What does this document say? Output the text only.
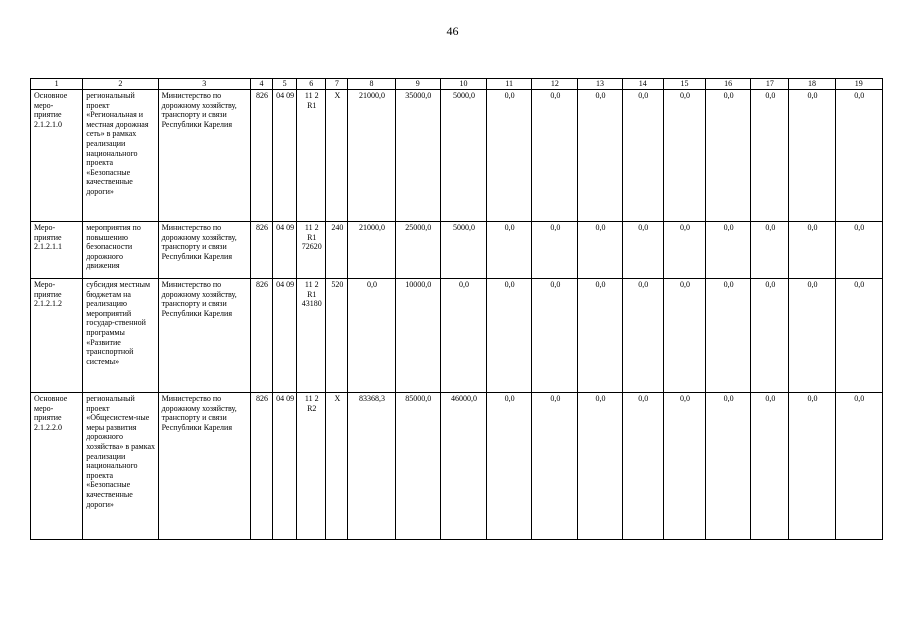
46
1	2	3	4	5	6	7	8	9	10	11	12	13	14	15	16	17	18	19
Основное меро-приятие 2.1.2.1.0	региональный проект «Региональная и местная дорожная сеть» в рамках реализации национального проекта «Безопасные качественные дороги»	Министерство по дорожному хозяйству, транспорту и связи Республики Карелия	826	04 09	11 2 R1	X	21000,0	35000,0	5000,0	0,0	0,0	0,0	0,0	0,0	0,0	0,0	0,0	0,0
Меро-приятие 2.1.2.1.1	мероприятия по повышению безопасности дорожного движения	Министерство по дорожному хозяйству, транспорту и связи Республики Карелия	826	04 09	11 2 R1 72620	240	21000,0	25000,0	5000,0	0,0	0,0	0,0	0,0	0,0	0,0	0,0	0,0	0,0
Меро-приятие 2.1.2.1.2	субсидия местным бюджетам на реализацию мероприятий государ-ственной программы «Развитие транспортной системы»	Министерство по дорожному хозяйству, транспорту и связи Республики Карелия	826	04 09	11 2 R1 43180	520	0,0	10000,0	0,0	0,0	0,0	0,0	0,0	0,0	0,0	0,0	0,0	0,0
Основное меро-приятие 2.1.2.2.0	региональный проект «Общесистем-ные меры развития дорожного хозяйства» в рамках реализации национального проекта «Безопасные качественные дороги»	Министерство по дорожному хозяйству, транспорту и связи Республики Карелия	826	04 09	11 2 R2	X	83368,3	85000,0	46000,0	0,0	0,0	0,0	0,0	0,0	0,0	0,0	0,0	0,0
